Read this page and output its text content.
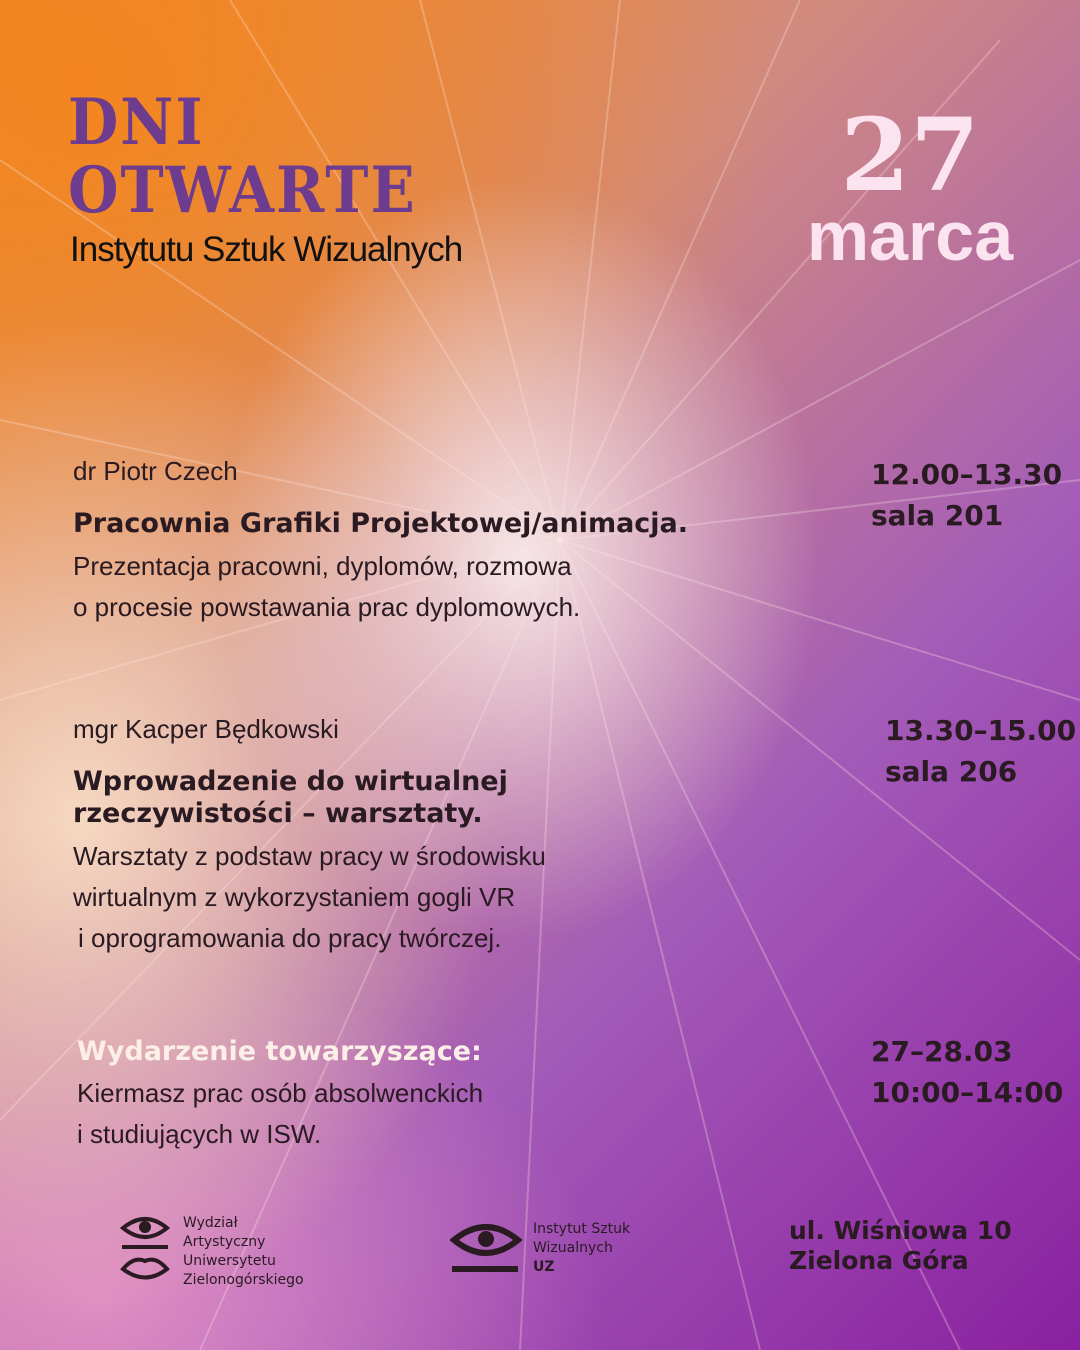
DNI
OTWARTE
Instytutu Sztuk Wizualnych
27
marca
dr Piotr Czech
Pracownia Grafiki Projektowej/animacja.
Prezentacja pracowni, dyplomów, rozmowa
o procesie powstawania prac dyplomowych.
12.00–13.30
sala 201
mgr Kacper Będkowski
Wprowadzenie do wirtualnej
rzeczywistości – warsztaty.
Warsztaty z podstaw pracy w środowisku
wirtualnym z wykorzystaniem gogli VR
i oprogramowania do pracy twórczej.
13.30–15.00
sala 206
Wydarzenie towarzyszące:
Kiermasz prac osób absolwenckich
i studiujących w ISW.
27–28.03
10:00–14:00
Wydział
Artystyczny
Uniwersytetu
Zielonogórskiego
Instytut Sztuk
Wizualnych
UZ
ul. Wiśniowa 10
Zielona Góra
